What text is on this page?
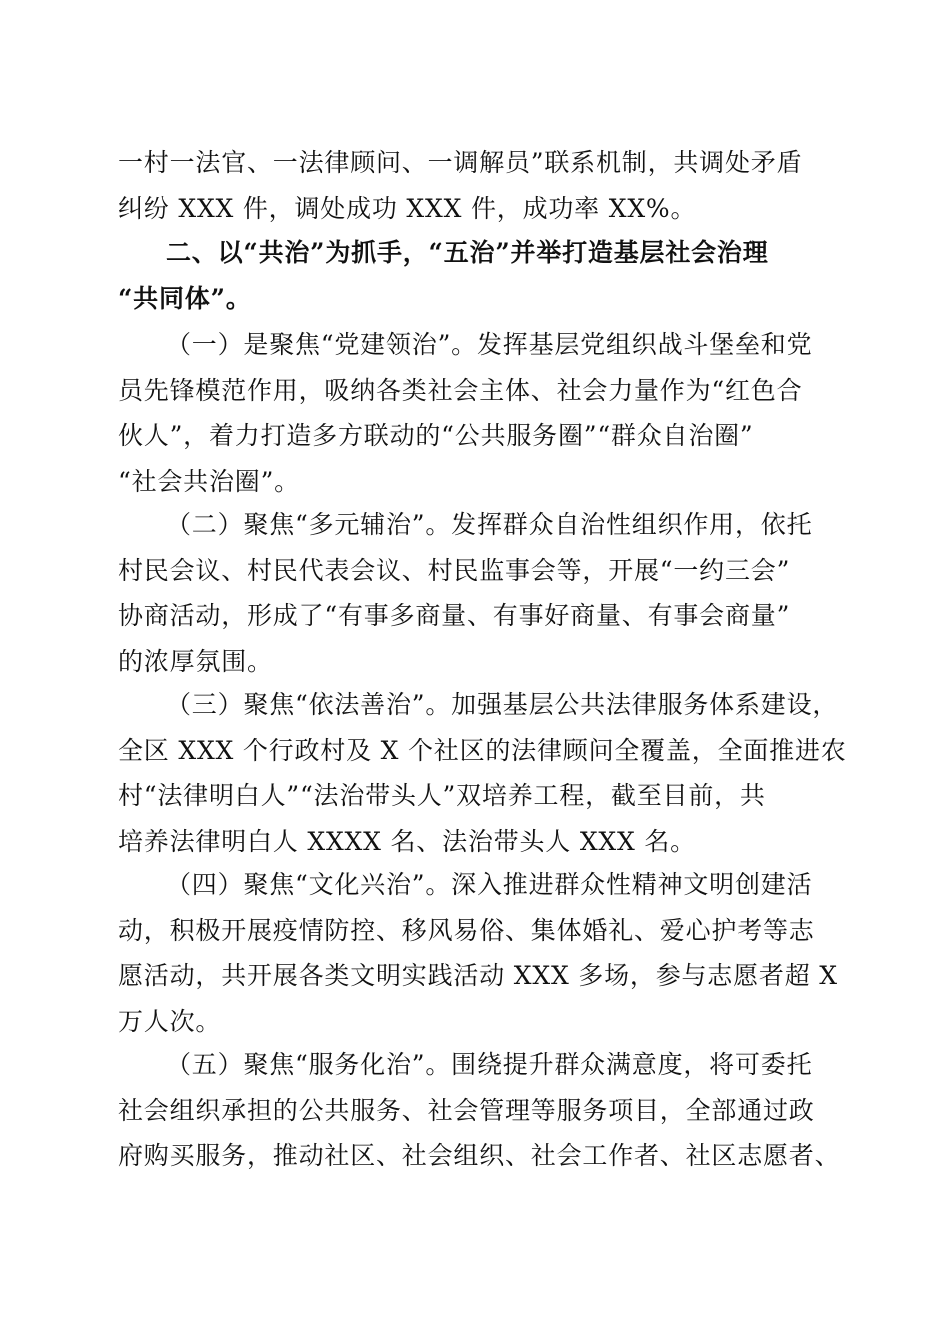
一村一法官、一法律顾问、一调解员”联系机制，共调处矛盾
纠纷 XXX 件，调处成功 XXX 件，成功率 XX%。
二、以“共治”为抓手，“五治”并举打造基层社会治理
“共同体”。
（一）是聚焦“党建领治”。发挥基层党组织战斗堡垒和党
员先锋模范作用，吸纳各类社会主体、社会力量作为“红色合
伙人”，着力打造多方联动的“公共服务圈”“群众自治圈”
“社会共治圈”。
（二）聚焦“多元辅治”。发挥群众自治性组织作用，依托
村民会议、村民代表会议、村民监事会等，开展“一约三会”
协商活动，形成了“有事多商量、有事好商量、有事会商量”
的浓厚氛围。
（三）聚焦“依法善治”。加强基层公共法律服务体系建设，
全区 XXX 个行政村及 X 个社区的法律顾问全覆盖，全面推进农
村“法律明白人”“法治带头人”双培养工程，截至目前，共
培养法律明白人 XXXX 名、法治带头人 XXX 名。
（四）聚焦“文化兴治”。深入推进群众性精神文明创建活
动，积极开展疫情防控、移风易俗、集体婚礼、爱心护考等志
愿活动，共开展各类文明实践活动 XXX 多场，参与志愿者超 X
万人次。
（五）聚焦“服务化治”。围绕提升群众满意度，将可委托
社会组织承担的公共服务、社会管理等服务项目，全部通过政
府购买服务，推动社区、社会组织、社会工作者、社区志愿者、
